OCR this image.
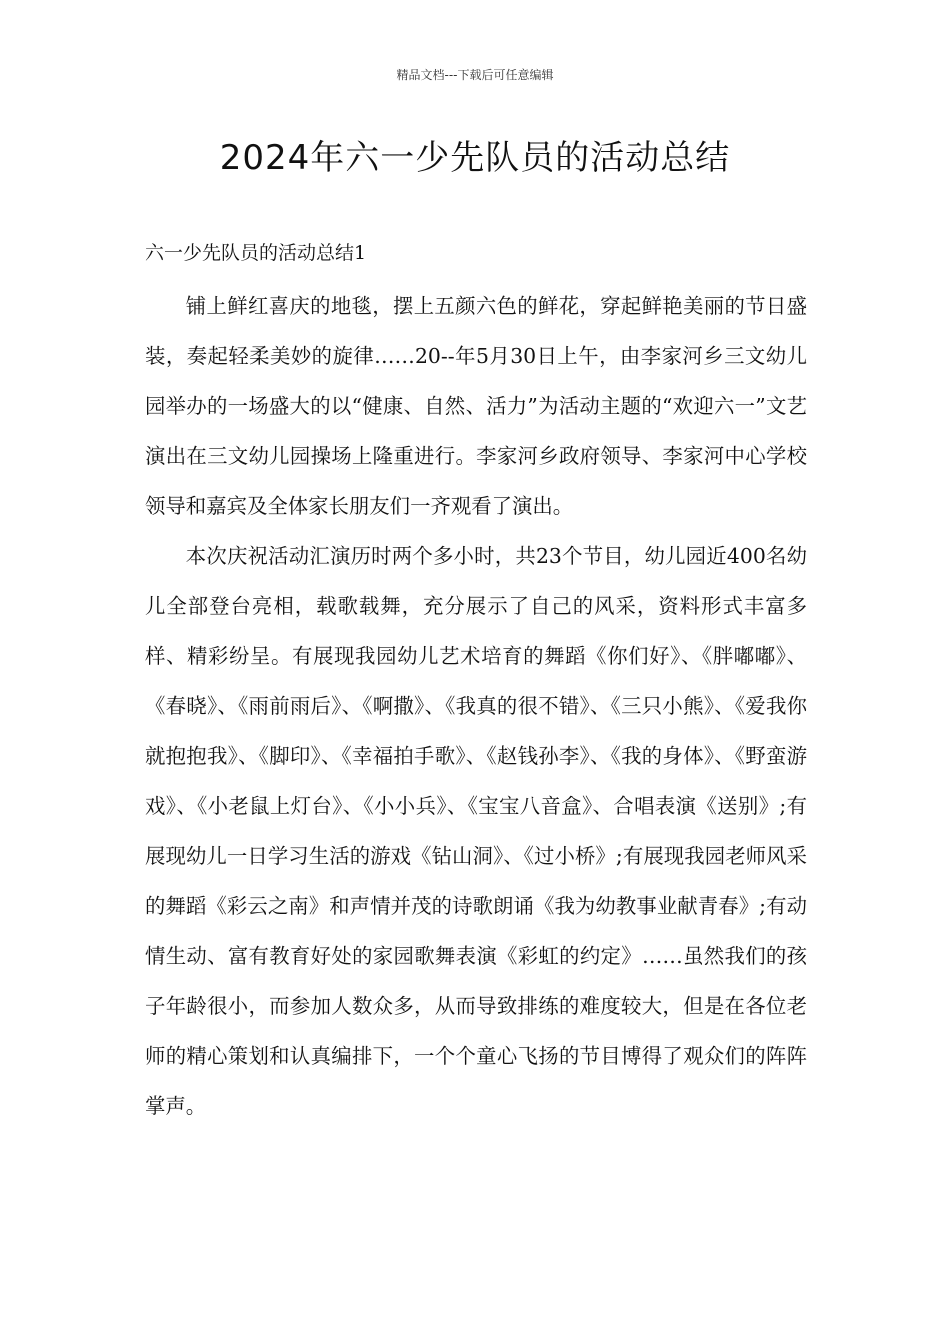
精品文档---下载后可任意编辑
2024年六一少先队员的活动总结
六一少先队员的活动总结1

铺上鲜红喜庆的地毯，摆上五颜六色的鲜花，穿起鲜艳美丽的节日盛装，奏起轻柔美妙的旋律……20--年5月30日上午，由李家河乡三文幼儿园举办的一场盛大的以“健康、自然、活力”为活动主题的“欢迎六一”文艺演出在三文幼儿园操场上隆重进行。李家河乡政府领导、李家河中心学校领导和嘉宾及全体家长朋友们一齐观看了演出。

本次庆祝活动汇演历时两个多小时，共23个节目，幼儿园近400名幼儿全部登台亮相，载歌载舞，充分展示了自己的风采，资料形式丰富多样、精彩纷呈。有展现我园幼儿艺术培育的舞蹈《你们好》、《胖嘟嘟》、《春晓》、《雨前雨后》、《啊撒》、《我真的很不错》、《三只小熊》、《爱我你就抱抱我》、《脚印》、《幸福拍手歌》、《赵钱孙李》、《我的身体》、《野蛮游戏》、《小老鼠上灯台》、《小小兵》、《宝宝八音盒》、合唱表演《送别》;有展现幼儿一日学习生活的游戏《钻山洞》、《过小桥》;有展现我园老师风采的舞蹈《彩云之南》和声情并茂的诗歌朗诵《我为幼教事业献青春》;有动情生动、富有教育好处的家园歌舞表演《彩虹的约定》……虽然我们的孩子年龄很小，而参加人数众多，从而导致排练的难度较大，但是在各位老师的精心策划和认真编排下，一个个童心飞扬的节目博得了观众们的阵阵掌声。
